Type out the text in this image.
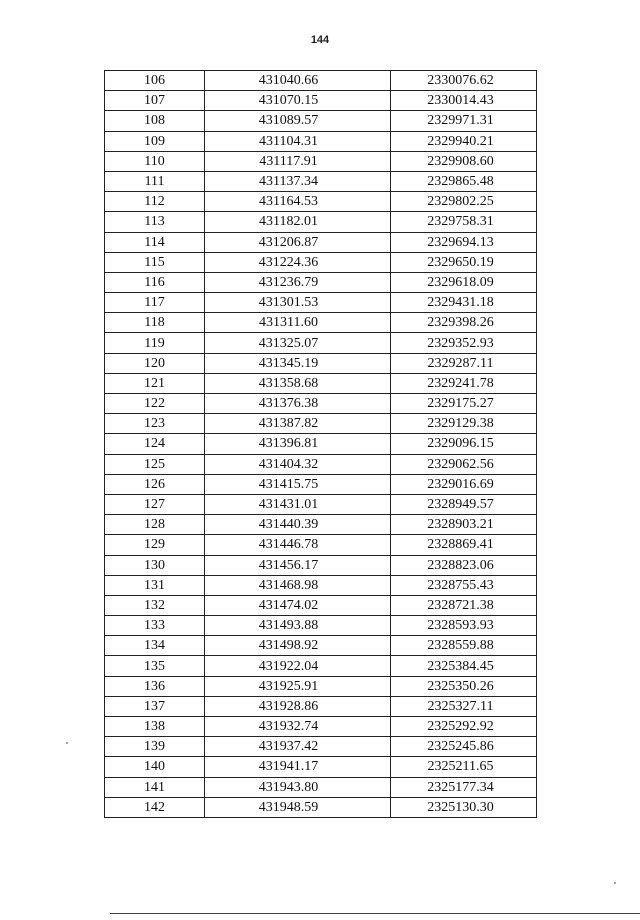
144
106	431040.66	2330076.62
107	431070.15	2330014.43
108	431089.57	2329971.31
109	431104.31	2329940.21
110	431117.91	2329908.60
111	431137.34	2329865.48
112	431164.53	2329802.25
113	431182.01	2329758.31
114	431206.87	2329694.13
115	431224.36	2329650.19
116	431236.79	2329618.09
117	431301.53	2329431.18
118	431311.60	2329398.26
119	431325.07	2329352.93
120	431345.19	2329287.11
121	431358.68	2329241.78
122	431376.38	2329175.27
123	431387.82	2329129.38
124	431396.81	2329096.15
125	431404.32	2329062.56
126	431415.75	2329016.69
127	431431.01	2328949.57
128	431440.39	2328903.21
129	431446.78	2328869.41
130	431456.17	2328823.06
131	431468.98	2328755.43
132	431474.02	2328721.38
133	431493.88	2328593.93
134	431498.92	2328559.88
135	431922.04	2325384.45
136	431925.91	2325350.26
137	431928.86	2325327.11
138	431932.74	2325292.92
139	431937.42	2325245.86
140	431941.17	2325211.65
141	431943.80	2325177.34
142	431948.59	2325130.30
